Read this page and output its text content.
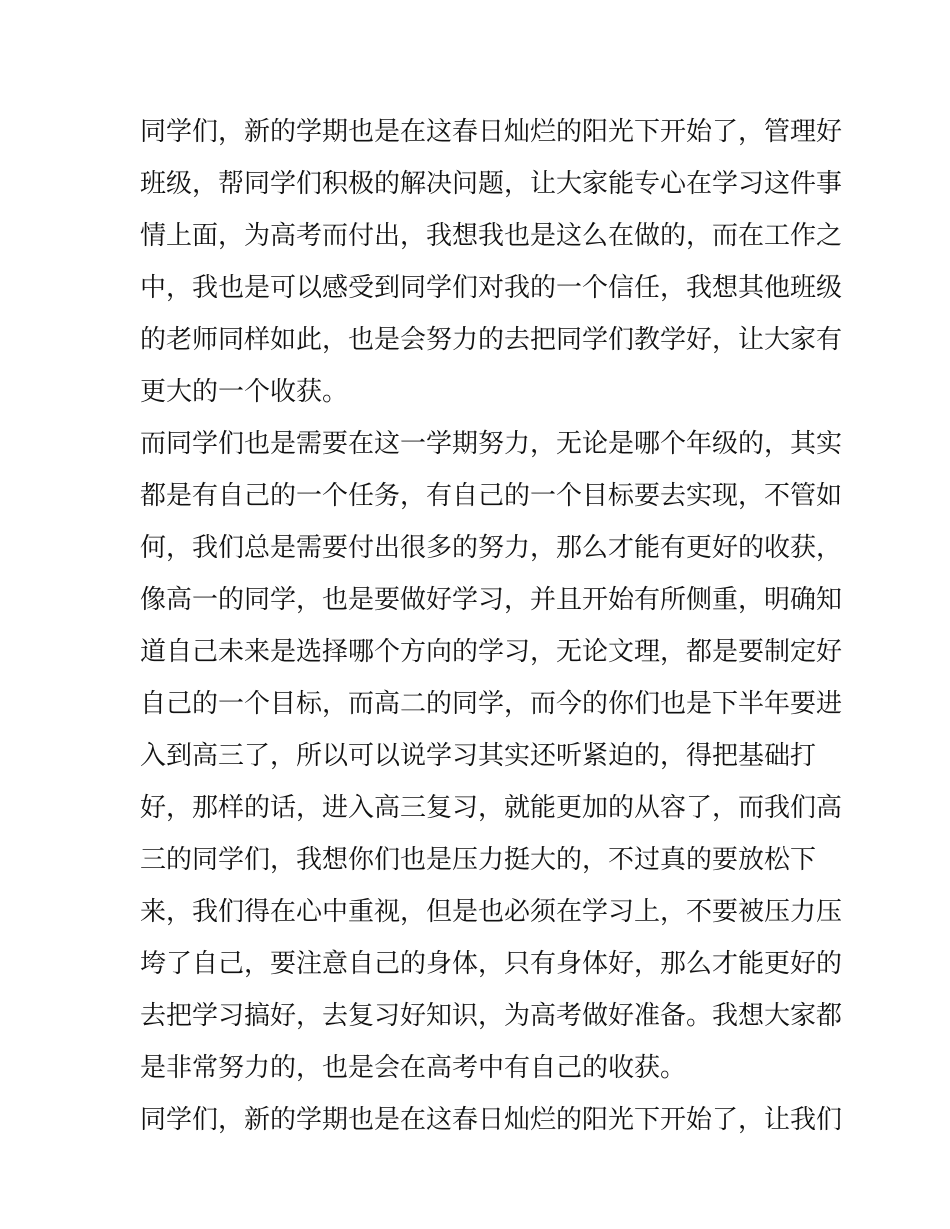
同学们，新的学期也是在这春日灿烂的阳光下开始了，管理好
班级，帮同学们积极的解决问题，让大家能专心在学习这件事
情上面，为高考而付出，我想我也是这么在做的，而在工作之
中，我也是可以感受到同学们对我的一个信任，我想其他班级
的老师同样如此，也是会努力的去把同学们教学好，让大家有
更大的一个收获。
而同学们也是需要在这一学期努力，无论是哪个年级的，其实
都是有自己的一个任务，有自己的一个目标要去实现，不管如
何，我们总是需要付出很多的努力，那么才能有更好的收获，
像高一的同学，也是要做好学习，并且开始有所侧重，明确知
道自己未来是选择哪个方向的学习，无论文理，都是要制定好
自己的一个目标，而高二的同学，而今的你们也是下半年要进
入到高三了，所以可以说学习其实还听紧迫的，得把基础打
好，那样的话，进入高三复习，就能更加的从容了，而我们高
三的同学们，我想你们也是压力挺大的，不过真的要放松下
来，我们得在心中重视，但是也必须在学习上，不要被压力压
垮了自己，要注意自己的身体，只有身体好，那么才能更好的
去把学习搞好，去复习好知识，为高考做好准备。我想大家都
是非常努力的，也是会在高考中有自己的收获。
同学们，新的学期也是在这春日灿烂的阳光下开始了，让我们
